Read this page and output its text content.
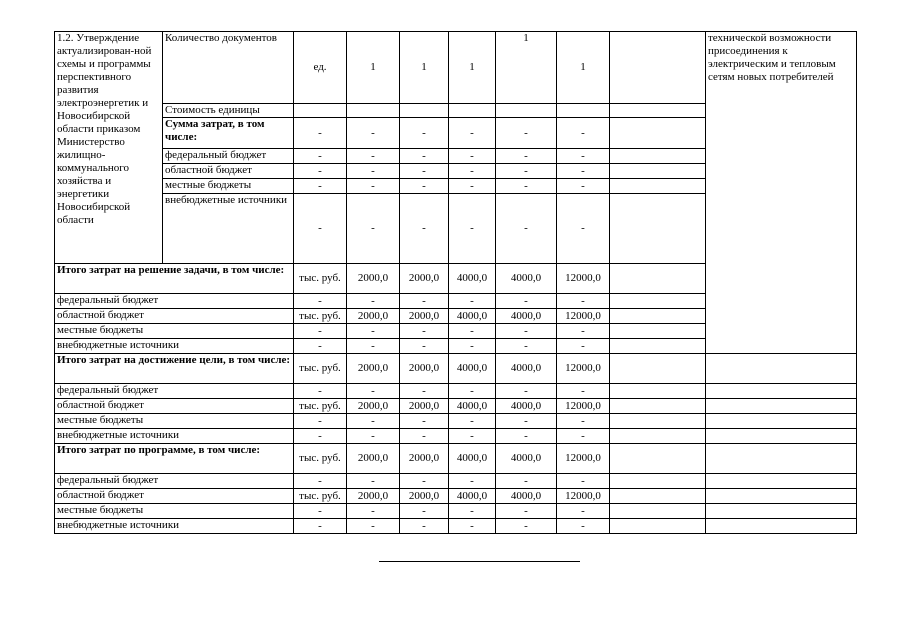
1.2. Утверждение актуализирован-ной схемы и программы перспективного развития электроэнергетик и Новосибирской области приказом Министерство жилищно-коммунального хозяйства и энергетики Новосибирской области	Количество документов	ед.	1	1	1	1	1		технической возможности присоединения к электрическим и тепловым сетям новых потребителей
	Стоимость единицы								
	Сумма затрат, в том числе:	-	-	-	-	-	-		
	федеральный бюджет	-	-	-	-	-	-		
	областной бюджет	-	-	-	-	-	-		
	местные бюджеты	-	-	-	-	-	-		
	внебюджетные источники	-	-	-	-	-	-		
Итого затрат на решение задачи, в том числе:		тыс. руб.	2000,0	2000,0	4000,0	4000,0	12000,0		
федеральный бюджет		-	-	-	-	-	-		
областной бюджет		тыс. руб.	2000,0	2000,0	4000,0	4000,0	12000,0		
местные бюджеты		-	-	-	-	-	-		
внебюджетные источники		-	-	-	-	-	-		
Итого затрат на достижение цели, в том числе:		тыс. руб.	2000,0	2000,0	4000,0	4000,0	12000,0		
федеральный бюджет		-	-	-	-	-	-		
областной бюджет		тыс. руб.	2000,0	2000,0	4000,0	4000,0	12000,0		
местные бюджеты		-	-	-	-	-	-		
внебюджетные источники		-	-	-	-	-	-		
Итого затрат по программе, в том числе:		тыс. руб.	2000,0	2000,0	4000,0	4000,0	12000,0		
федеральный бюджет		-	-	-	-	-	-		
областной бюджет		тыс. руб.	2000,0	2000,0	4000,0	4000,0	12000,0		
местные бюджеты		-	-	-	-	-	-		
внебюджетные источники		-	-	-	-	-	-		
